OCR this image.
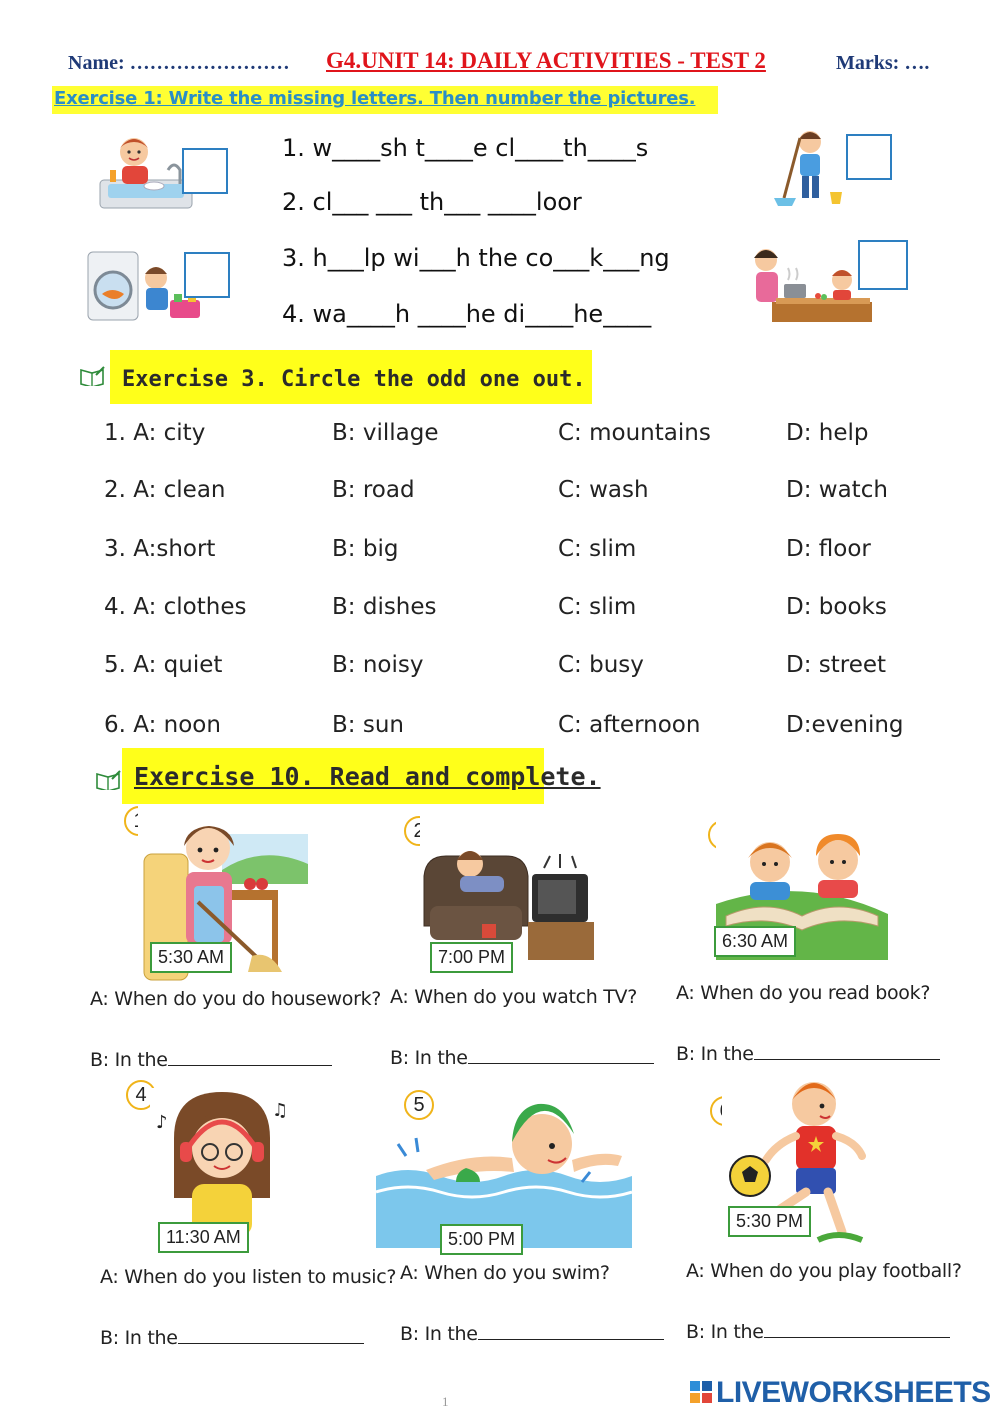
Name: …………………… G4.UNIT 14: DAILY ACTIVITIES - TEST 2	Marks: ….
Exercise 1: Write the missing letters. Then number the pictures.
1. w____sh t____e cl____th____s
2. cl___ ___ th___ ____loor
3. h___lp wi___h the co___k___ng
4. wa____h ____he di____he____
Exercise 3. Circle the odd one out.
1. A: city	B: village	C: mountains	D: help
2. A: clean	B: road	C: wash	D: watch
3. A:short	B: big	C: slim	D: floor
4. A: clothes	B: dishes	C: slim	D: books
5. A: quiet	B: noisy	C: busy	D: street
6. A: noon	B: sun	C: afternoon	D:evening
Exercise 10. Read and complete.
1
5:30 AM
A: When do you do housework?
B: In the
2
7:00 PM
A: When do you watch TV?
B: In the
6:30 AM
A: When do you read book?
B: In the
4
♪
♫
11:30 AM
A: When do you listen to music?
B: In the
5
5:00 PM
A: When do you swim?
B: In the
6
5:30 PM
A: When do you play football?
B: In the
1	LIVEWORKSHEETS
